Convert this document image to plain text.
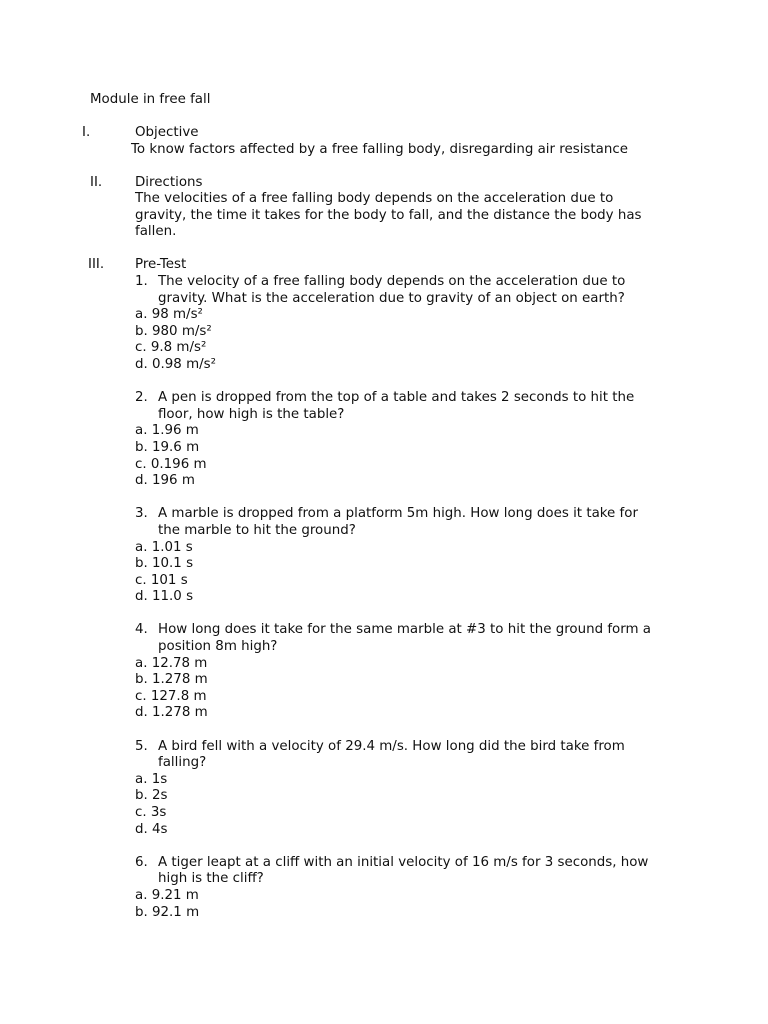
Module in free fall
I.	Objective
To know factors affected by a free falling body, disregarding air resistance
II. Directions
The velocities of a free falling body depends on the acceleration due to
gravity, the time it takes for the body to fall, and the distance the body has
fallen.
III. Pre-Test
1. The velocity of a free falling body depends on the acceleration due to
gravity. What is the acceleration due to gravity of an object on earth?
a. 98 m/s²
b. 980 m/s²
c. 9.8 m/s²
d. 0.98 m/s²
2. A pen is dropped from the top of a table and takes 2 seconds to hit the
floor, how high is the table?
a. 1.96 m
b. 19.6 m
c. 0.196 m
d. 196 m
3. A marble is dropped from a platform 5m high. How long does it take for
the marble to hit the ground?
a. 1.01 s
b. 10.1 s
c. 101 s
d. 11.0 s
4. How long does it take for the same marble at #3 to hit the ground form a
position 8m high?
a. 12.78 m
b. 1.278 m
c. 127.8 m
d. 1.278 m
5. A bird fell with a velocity of 29.4 m/s. How long did the bird take from
falling?
a. 1s
b. 2s
c. 3s
d. 4s
6. A tiger leapt at a cliff with an initial velocity of 16 m/s for 3 seconds, how
high is the cliff?
a. 9.21 m
b. 92.1 m
